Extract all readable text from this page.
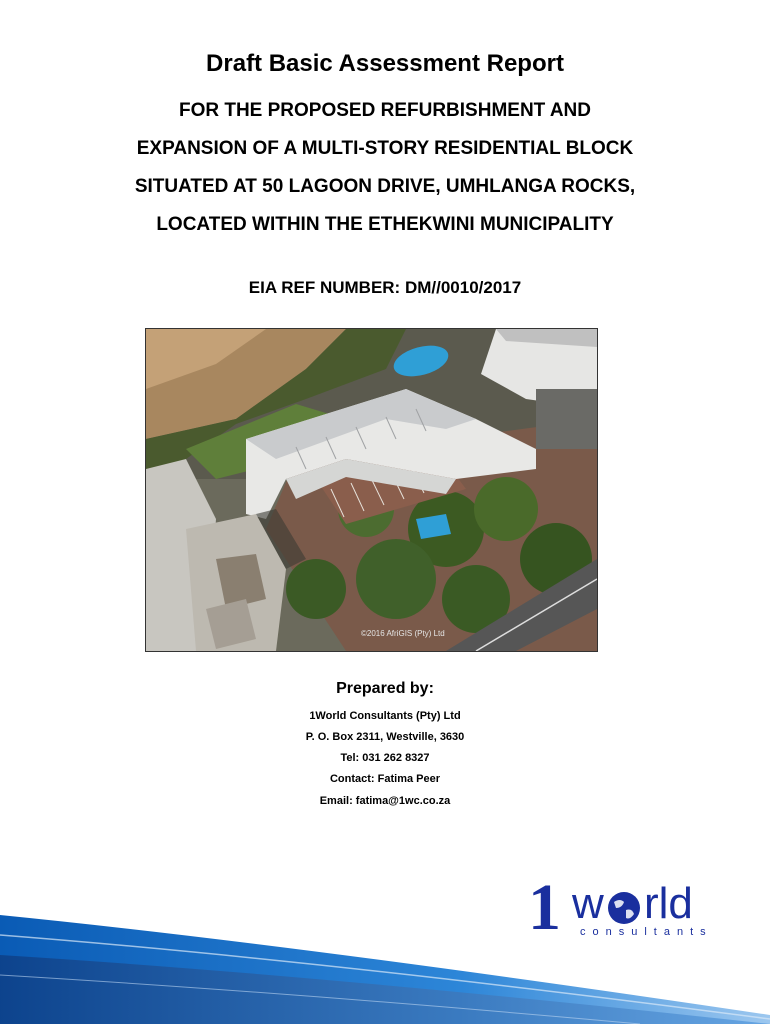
Draft Basic Assessment Report
FOR THE PROPOSED REFURBISHMENT AND
EXPANSION OF A MULTI-STORY RESIDENTIAL BLOCK
SITUATED AT 50 LAGOON DRIVE, UMHLANGA ROCKS,
LOCATED WITHIN THE ETHEKWINI MUNICIPALITY
EIA REF NUMBER: DM//0010/2017
©2016 AfriGIS (Pty) Ltd
Prepared by:
1World Consultants (Pty) Ltd
P. O. Box 2311, Westville, 3630
Tel: 031 262 8327
Contact: Fatima Peer
Email: fatima@1wc.co.za
1 w rld
consultants
